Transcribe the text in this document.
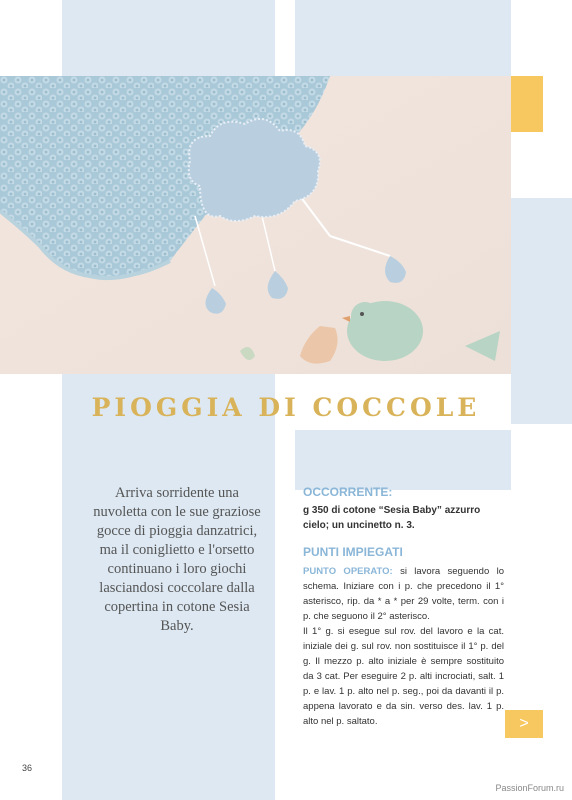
PIOGGIA DI COCCOLE
Arriva sorridente una nuvoletta con le sue graziose gocce di pioggia danzatrici, ma il coniglietto e l'orsetto continuano i loro giochi lasciandosi coccolare dalla copertina in cotone Sesia Baby.
OCCORRENTE:
g 350 di cotone “Sesia Baby” azzurro cielo; un uncinetto n. 3.
PUNTI IMPIEGATI

PUNTO OPERATO: si lavora seguendo lo schema. Iniziare con i p. che precedono il 1° asterisco, rip. da * a * per 29 volte, term. con i p. che seguono il 2° asterisco.

Il 1° g. si esegue sul rov. del lavoro e la cat. iniziale dei g. sul rov. non sostituisce il 1° p. del g. Il mezzo p. alto iniziale è sempre sostituito da 3 cat. Per eseguire 2 p. alti incrociati, salt. 1 p. e lav. 1 p. alto nel p. seg., poi da davanti il p. appena lavorato e da sin. verso des. lav. 1 p. alto nel p. saltato.	>
36
PassionForum.ru
